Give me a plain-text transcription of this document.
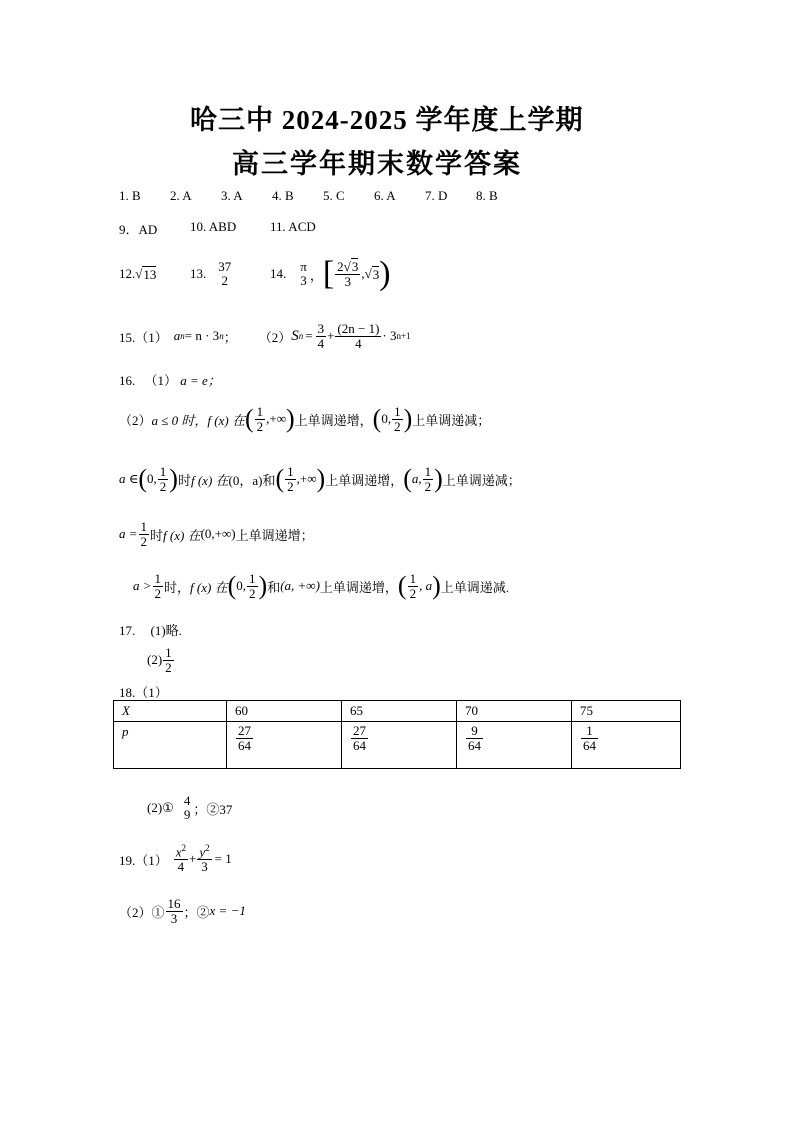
哈三中 2024-2025 学年度上学期
高三学年期末数学答案
1. B 2. A 3. A 4. B 5. C 6. A 7. D 8. B
9．AD	10. ABD	11. ACD
12. √ 13	13. 37
2	14. π
3 ， [ $\frac{2√3}{3}$ ,√ 3 )
15.（1） a n = n · 3 n ； （2） S $n = \frac{3}{4} + \frac{(2n - 1)}{4} \cdot 3$ n+1
16. （1） a = e；
（2） a ≤ 0 时， f (x) 在 ( $\frac{1}{2}$ ,+∞ ) 上单调递增， ( 0, $\frac{1}{2}$ ) 上单调递减；
a ∈ ( 0, $\frac{1}{2}$ ) 时 f (x) 在 (0，a) 和 ( $\frac{1}{2}$ ,+∞ ) 上单调递增， ( a, $\frac{1}{2}$ ) 上单调递减；
$a = \frac{1}{2}$ 时 f (x) 在 (0,+∞) 上单调递增；
$a > \frac{1}{2}$ 时， f (x) 在 ( 0, $\frac{1}{2}$ ) 和 (a, +∞) 上单调递增， ( $\frac{1}{2}$ , a ) 上单调递减.
17. (1)略.
$(2) \frac{1}{2}$
18.（1）
X	60	65	70	75
p	$\frac{27}{64}$	$\frac{27}{64}$	$\frac{9}{64}$	$\frac{1}{64}$
(2)① 4
9 ；②37
$19.(1) \frac{x^2}{4} + \frac{y^2}{3} = 1$
（2）① $\frac{16}{3}$ ；② x = −1
